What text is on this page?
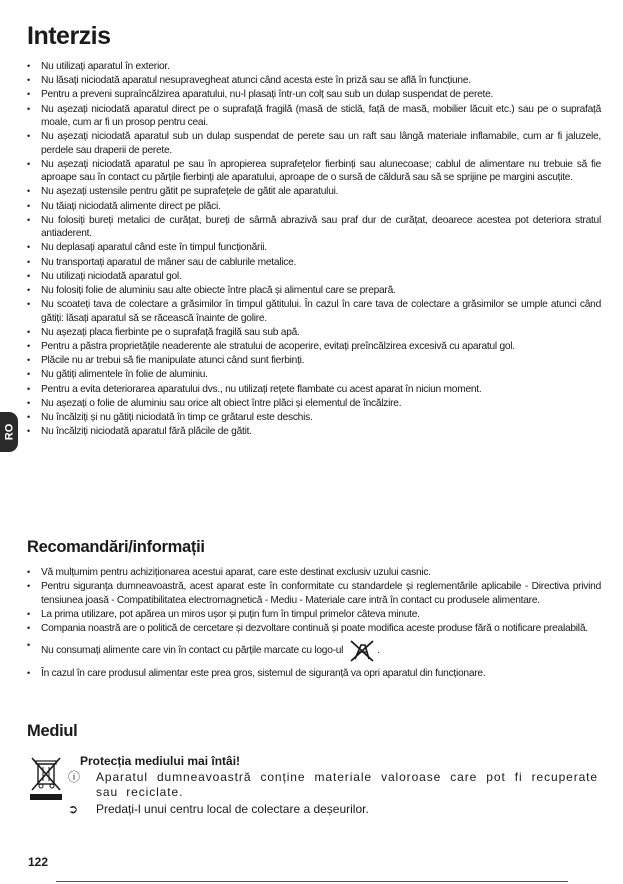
Interzis
RO
• Nu utilizați aparatul în exterior.
• Nu lăsați niciodată aparatul nesupravegheat atunci când acesta este în priză sau se află în funcțiune.
• Pentru a preveni supraîncălzirea aparatului, nu-l plasați într-un colț sau sub un dulap suspendat de perete.
• Nu așezați niciodată aparatul direct pe o suprafață fragilă (masă de sticlă, față de masă, mobilier lăcuit etc.) sau pe o suprafață moale, cum ar fi un prosop pentru ceai.
• Nu așezați niciodată aparatul sub un dulap suspendat de perete sau un raft sau lângă materiale inflamabile, cum ar fi jaluzele, perdele sau draperii de perete.
• Nu așezați niciodată aparatul pe sau în apropierea suprafețelor fierbinți sau alunecoase; cablul de alimentare nu trebuie să fie aproape sau în contact cu părțile fierbinți ale aparatului, aproape de o sursă de căldură sau să se sprijine pe margini ascuțite.
• Nu așezați ustensile pentru gătit pe suprafețele de gătit ale aparatului.
• Nu tăiați niciodată alimente direct pe plăci.
• Nu folosiți bureți metalici de curățat, bureți de sârmă abrazivă sau praf dur de curățat, deoarece acestea pot deteriora stratul antiaderent.
• Nu deplasați aparatul când este în timpul funcționării.
• Nu transportați aparatul de mâner sau de cablurile metalice.
• Nu utilizați niciodată aparatul gol.
• Nu folosiți folie de aluminiu sau alte obiecte între placă și alimentul care se prepară.
• Nu scoateți tava de colectare a grăsimilor în timpul gătitului. În cazul în care tava de colectare a grăsimilor se umple atunci când gătiți: lăsați aparatul să se răcească înainte de golire.
• Nu așezați placa fierbinte pe o suprafață fragilă sau sub apă.
• Pentru a păstra proprietățile neaderente ale stratului de acoperire, evitați preîncălzirea excesivă cu aparatul gol.
• Plăcile nu ar trebui să fie manipulate atunci când sunt fierbinți.
• Nu gătiți alimentele în folie de aluminiu.
• Pentru a evita deteriorarea aparatului dvs., nu utilizați rețete flambate cu acest aparat în niciun moment.
• Nu așezați o folie de aluminiu sau orice alt obiect între plăci și elementul de încălzire.
• Nu încălziți și nu gătiți niciodată în timp ce grătarul este deschis.
• Nu încălziți niciodată aparatul fără plăcile de gătit.
Recomandări/informații
• Vă mulțumim pentru achiziționarea acestui aparat, care este destinat exclusiv uzului casnic.
• Pentru siguranța dumneavoastră, acest aparat este în conformitate cu standardele și reglementările aplicabile - Directiva privind tensiunea joasă - Compatibilitatea electromagnetică - Mediu - Materiale care intră în contact cu produsele alimentare.
• La prima utilizare, pot apărea un miros ușor și puțin fum în timpul primelor câteva minute.
• Compania noastră are o politică de cercetare și dezvoltare continuă și poate modifica aceste produse fără o notificare prealabilă.
• Nu consumați alimente care vin în contact cu părțile marcate cu logo-ul	.
• În cazul în care produsul alimentar este prea gros, sistemul de siguranță va opri aparatul din funcționare.
Mediul
Protecția mediului mai întâi!
ⓘ	Aparatul dumneavoastră conține materiale valoroase care pot fi recuperate sau reciclate.
➲	Predați-l unui centru local de colectare a deșeurilor.
122
